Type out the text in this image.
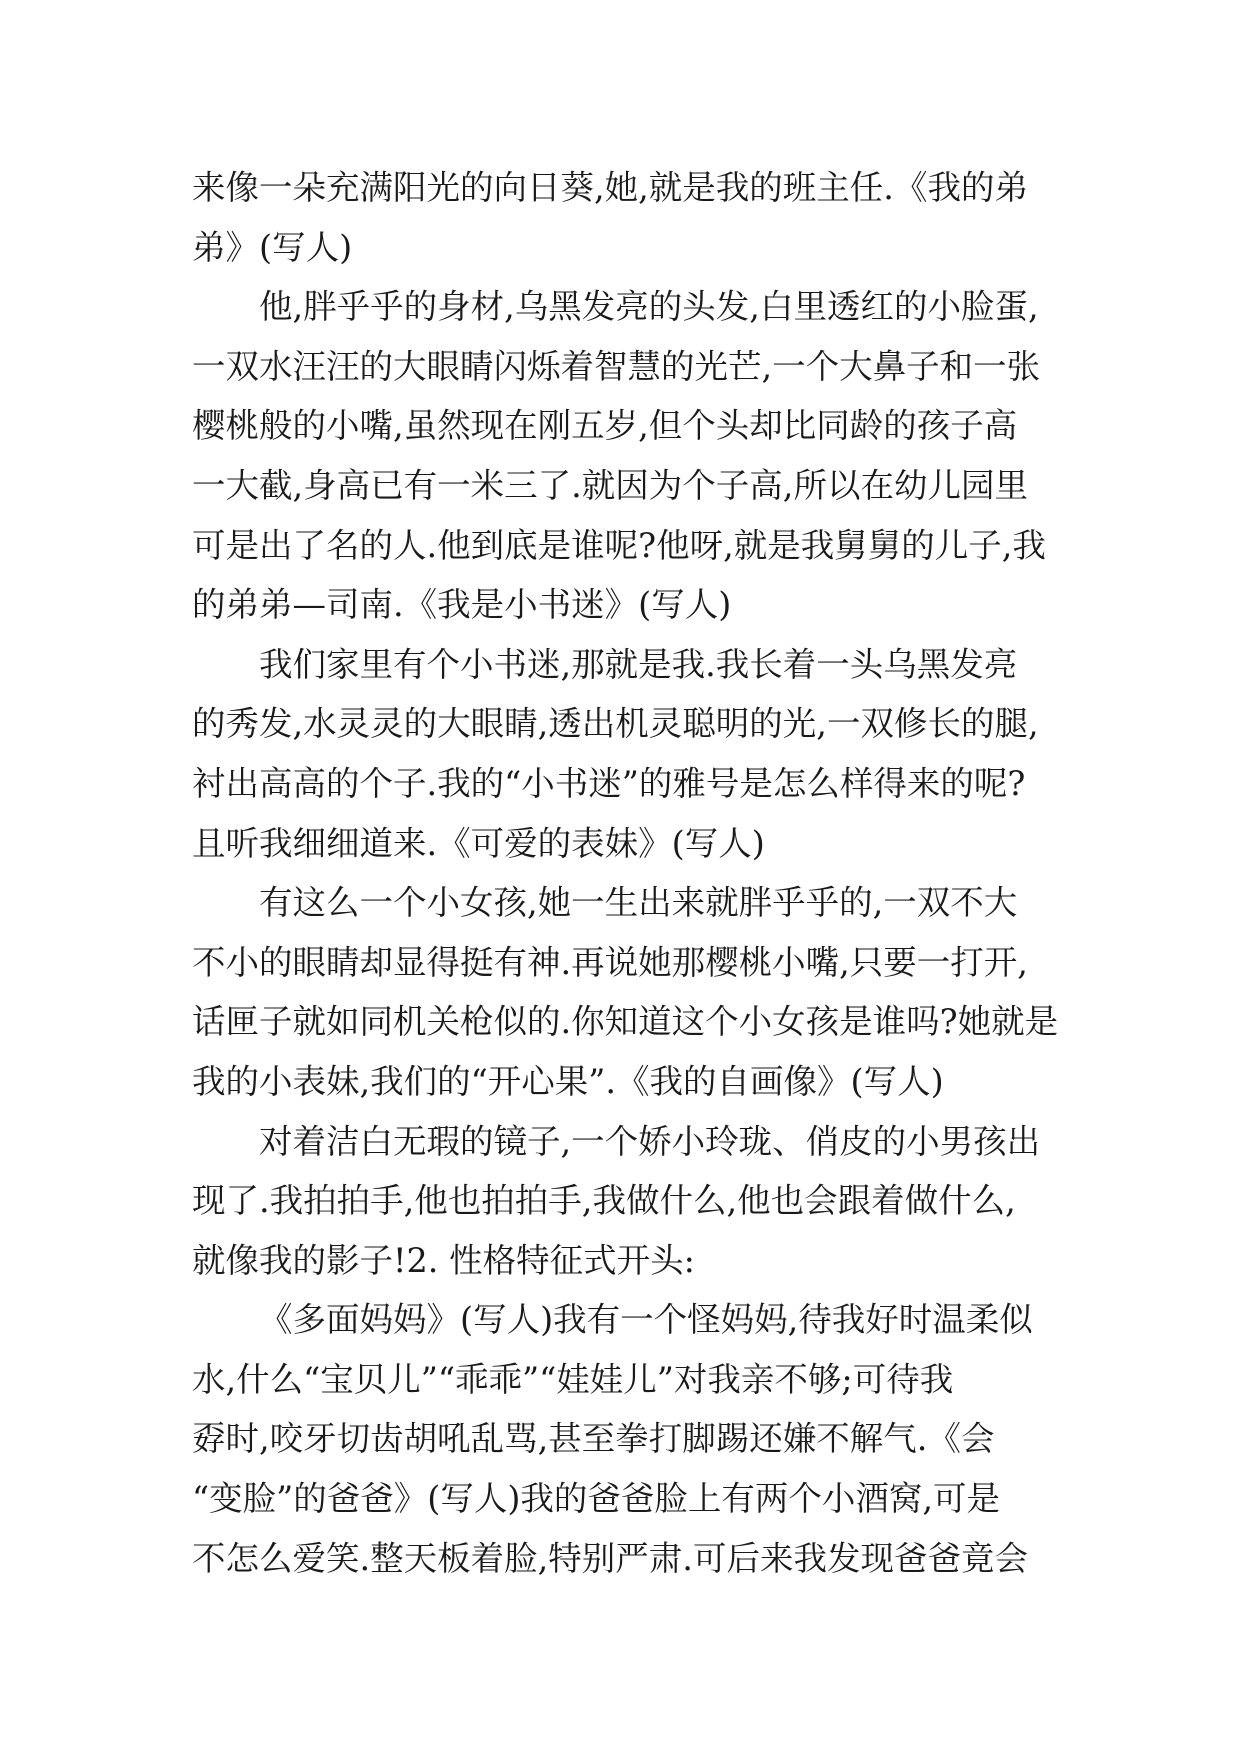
来像一朵充满阳光的向日葵,她,就是我的班主任.《我的弟
弟》(写人)
他,胖乎乎的身材,乌黑发亮的头发,白里透红的小脸蛋,
一双水汪汪的大眼睛闪烁着智慧的光芒,一个大鼻子和一张
樱桃般的小嘴,虽然现在刚五岁,但个头却比同龄的孩子高
一大截,身高已有一米三了.就因为个子高,所以在幼儿园里
可是出了名的人.他到底是谁呢?他呀,就是我舅舅的儿子,我
的弟弟—司南.《我是小书迷》(写人)
我们家里有个小书迷,那就是我.我长着一头乌黑发亮
的秀发,水灵灵的大眼睛,透出机灵聪明的光,一双修长的腿,
衬出高高的个子.我的“小书迷”的雅号是怎么样得来的呢?
且听我细细道来.《可爱的表妹》(写人)
有这么一个小女孩,她一生出来就胖乎乎的,一双不大
不小的眼睛却显得挺有神.再说她那樱桃小嘴,只要一打开,
话匣子就如同机关枪似的.你知道这个小女孩是谁吗?她就是
我的小表妹,我们的“开心果”.《我的自画像》(写人)
对着洁白无瑕的镜子,一个娇小玲珑、俏皮的小男孩出
现了.我拍拍手,他也拍拍手,我做什么,他也会跟着做什么,
就像我的影子!2. 性格特征式开头:
《多面妈妈》(写人)我有一个怪妈妈,待我好时温柔似
水,什么“宝贝儿”“乖乖”“娃娃儿”对我亲不够;可待我
孬时,咬牙切齿胡吼乱骂,甚至拳打脚踢还嫌不解气.《会
“变脸”的爸爸》(写人)我的爸爸脸上有两个小酒窝,可是
不怎么爱笑.整天板着脸,特别严肃.可后来我发现爸爸竟会
